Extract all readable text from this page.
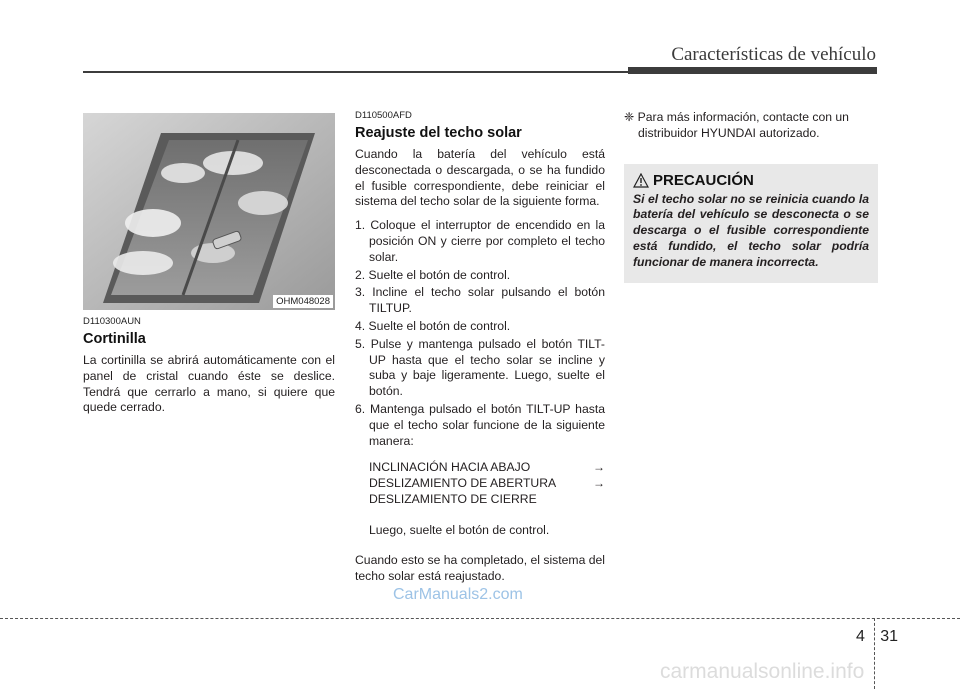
Características de vehículo
OHM048028
D110300AUN
Cortinilla

La cortinilla se abrirá automáticamente con el panel de cristal cuando éste se deslice. Tendrá que cerrarlo a mano, si quiere que quede cerrado.

D110500AFD
Reajuste del techo solar

Cuando la batería del vehículo está desconectada o descargada, o se ha fundido el fusible correspondiente, debe reiniciar el sistema del techo solar de la siguiente forma.

1. Coloque el interruptor de encendido en la posición ON y cierre por completo el techo solar.
2. Suelte el botón de control.
3. Incline el techo solar pulsando el botón TILTUP.
4. Suelte el botón de control.
5. Pulse y mantenga pulsado el botón TILT-UP hasta que el techo solar se incline y suba y baje ligeramente. Luego, suelte el botón.
6. Mantenga pulsado el botón TILT-UP hasta que el techo solar funcione de la siguiente manera:
INCLINACIÓN HACIA ABAJO	→
DESLIZAMIENTO DE ABERTURA	→
DESLIZAMIENTO DE CIERRE
Luego, suelte el botón de control.

Cuando esto se ha completado, el sistema del techo solar está reajustado.

❈ Para más información, contacte con un distribuidor HYUNDAI autorizado.
PRECAUCIÓN
Si el techo solar no se reinicia cuando la batería del vehículo se desconecta o se descarga o el fusible correspondiente está fundido, el techo solar podría funcionar de manera incorrecta.
CarManuals2.com
4 31
carmanualsonline.info
